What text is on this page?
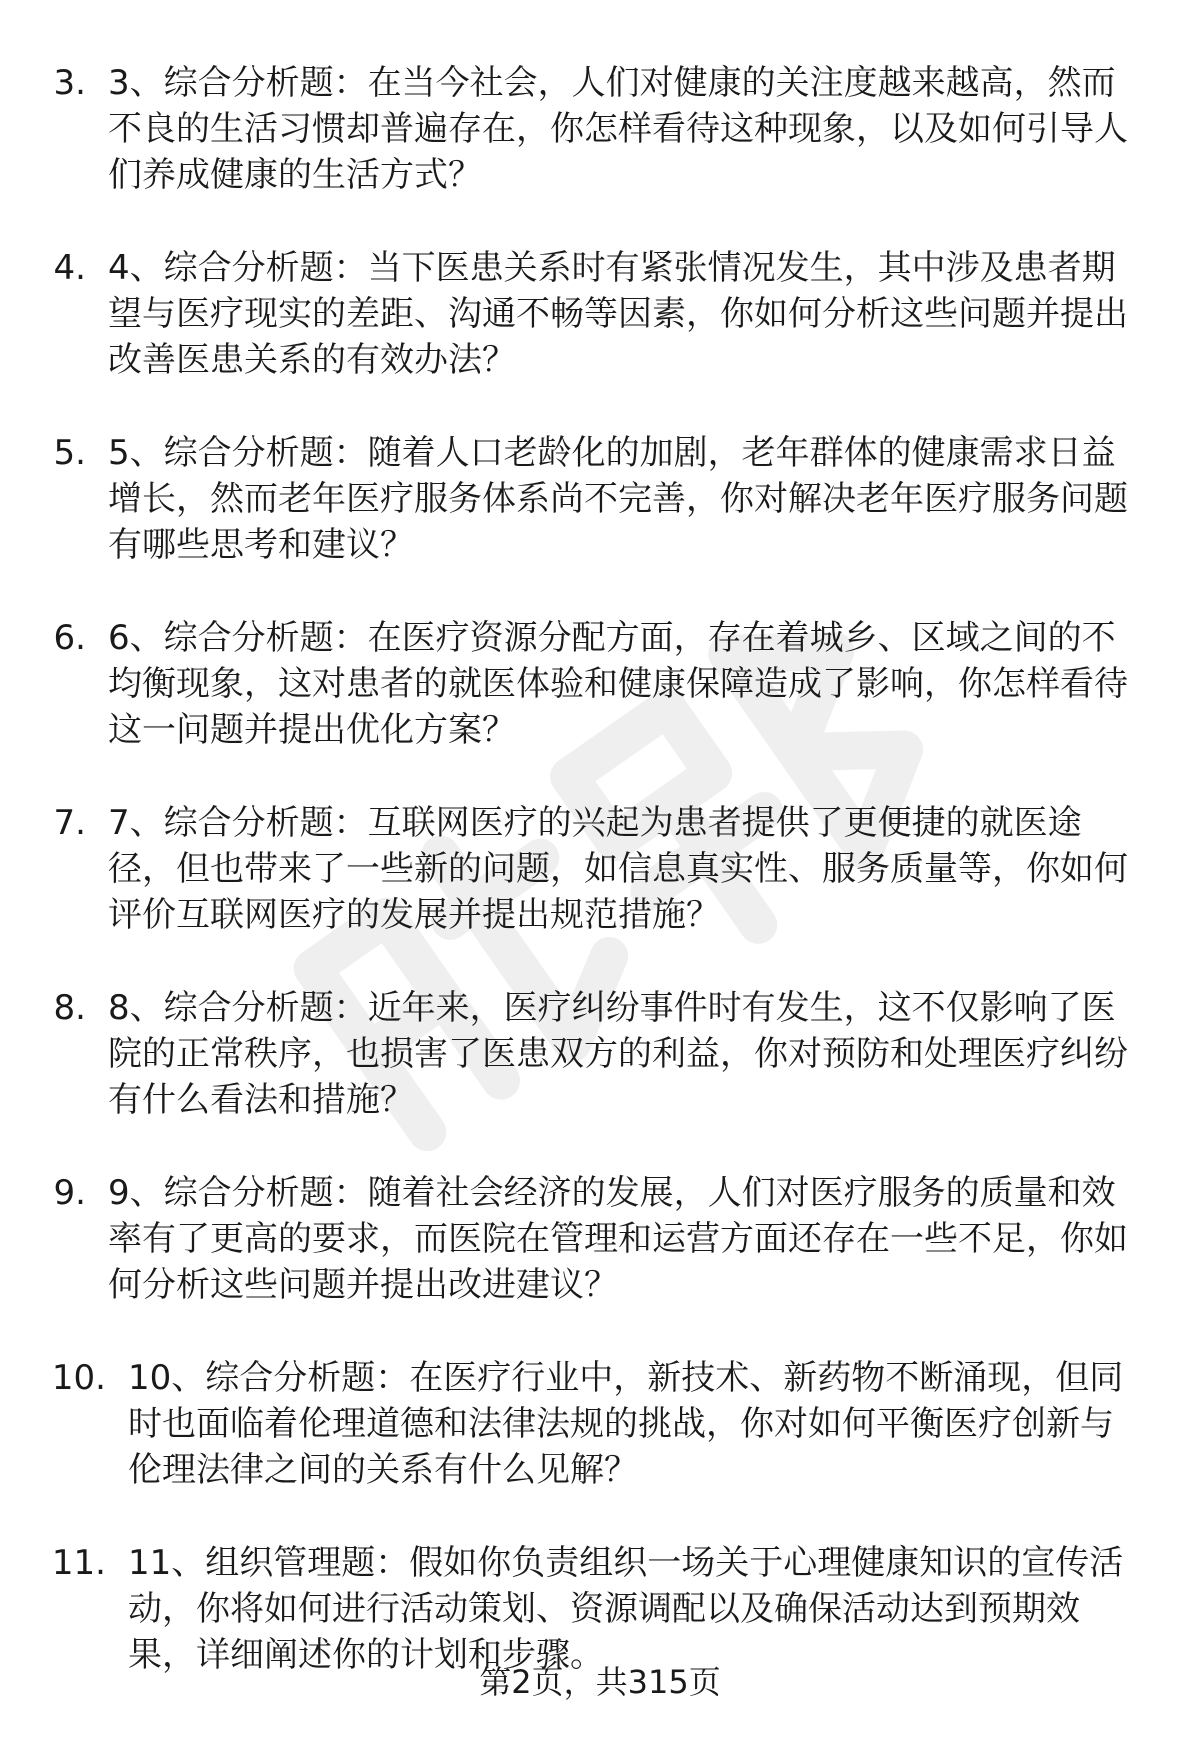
3. 3、综合分析题：在当今社会，人们对健康的关注度越来越高，然而不良的生活习惯却普遍存在，你怎样看待这种现象，以及如何引导人们养成健康的生活方式？
4. 4、综合分析题：当下医患关系时有紧张情况发生，其中涉及患者期望与医疗现实的差距、沟通不畅等因素，你如何分析这些问题并提出改善医患关系的有效办法？
5. 5、综合分析题：随着人口老龄化的加剧，老年群体的健康需求日益增长，然而老年医疗服务体系尚不完善，你对解决老年医疗服务问题有哪些思考和建议？
6. 6、综合分析题：在医疗资源分配方面，存在着城乡、区域之间的不均衡现象，这对患者的就医体验和健康保障造成了影响，你怎样看待这一问题并提出优化方案？
7. 7、综合分析题：互联网医疗的兴起为患者提供了更便捷的就医途径，但也带来了一些新的问题，如信息真实性、服务质量等，你如何评价互联网医疗的发展并提出规范措施？
8. 8、综合分析题：近年来，医疗纠纷事件时有发生，这不仅影响了医院的正常秩序，也损害了医患双方的利益，你对预防和处理医疗纠纷有什么看法和措施？
9. 9、综合分析题：随着社会经济的发展，人们对医疗服务的质量和效率有了更高的要求，而医院在管理和运营方面还存在一些不足，你如何分析这些问题并提出改进建议？
10. 10、综合分析题：在医疗行业中，新技术、新药物不断涌现，但同时也面临着伦理道德和法律法规的挑战，你对如何平衡医疗创新与伦理法律之间的关系有什么见解？
11. 11、组织管理题：假如你负责组织一场关于心理健康知识的宣传活动，你将如何进行活动策划、资源调配以及确保活动达到预期效果，详细阐述你的计划和步骤。
第2页，共315页
